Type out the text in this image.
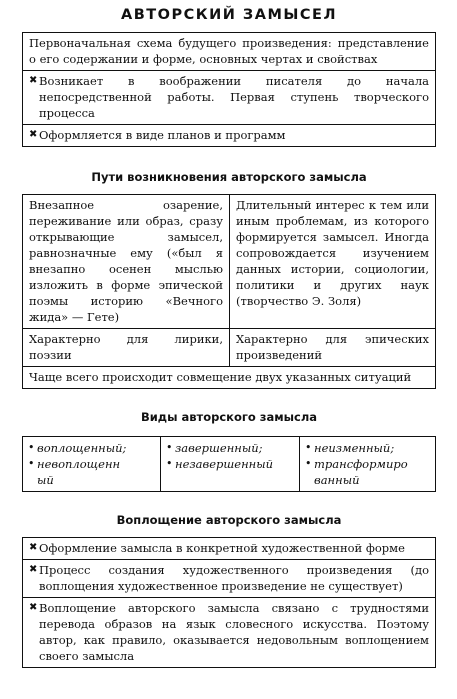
АВТОРСКИЙ ЗАМЫСЕЛ
Первоначальная схема будущего произведения: представление о его содержании и форме, основных чертах и свойствах
✖ Возникает в воображении писателя до начала непосредственной работы. Первая ступень творческого процесса
✖ Оформляется в виде планов и программ
Пути возникновения авторского замысла
Внезапное озарение, переживание или образ, сразу открывающие замысел, равнозначные ему («был я внезапно осенен мыслью изложить в форме эпической поэмы историю «Вечного жида» — Гете)
Длительный интерес к тем или иным проблемам, из которого формируется замысел. Иногда сопровождается изучением данных истории, социологии, политики и других наук (творчество Э. Золя)
Характерно для лирики, поэзии
Характерно для эпических произведений
Чаще всего происходит совмещение двух указанных ситуаций
Виды авторского замысла
• воплощенный;
• невоплощенный
• завершенный;
• незавершенный
• неизменный;
• трансформированный
Воплощение авторского замысла
✖ Оформление замысла в конкретной художественной форме
✖ Процесс создания художественного произведения (до воплощения художественное произведение не существует)
✖ Воплощение авторского замысла связано с трудностями перевода образов на язык словесного искусства. Поэтому автор, как правило, оказывается недовольным воплощением своего замысла
